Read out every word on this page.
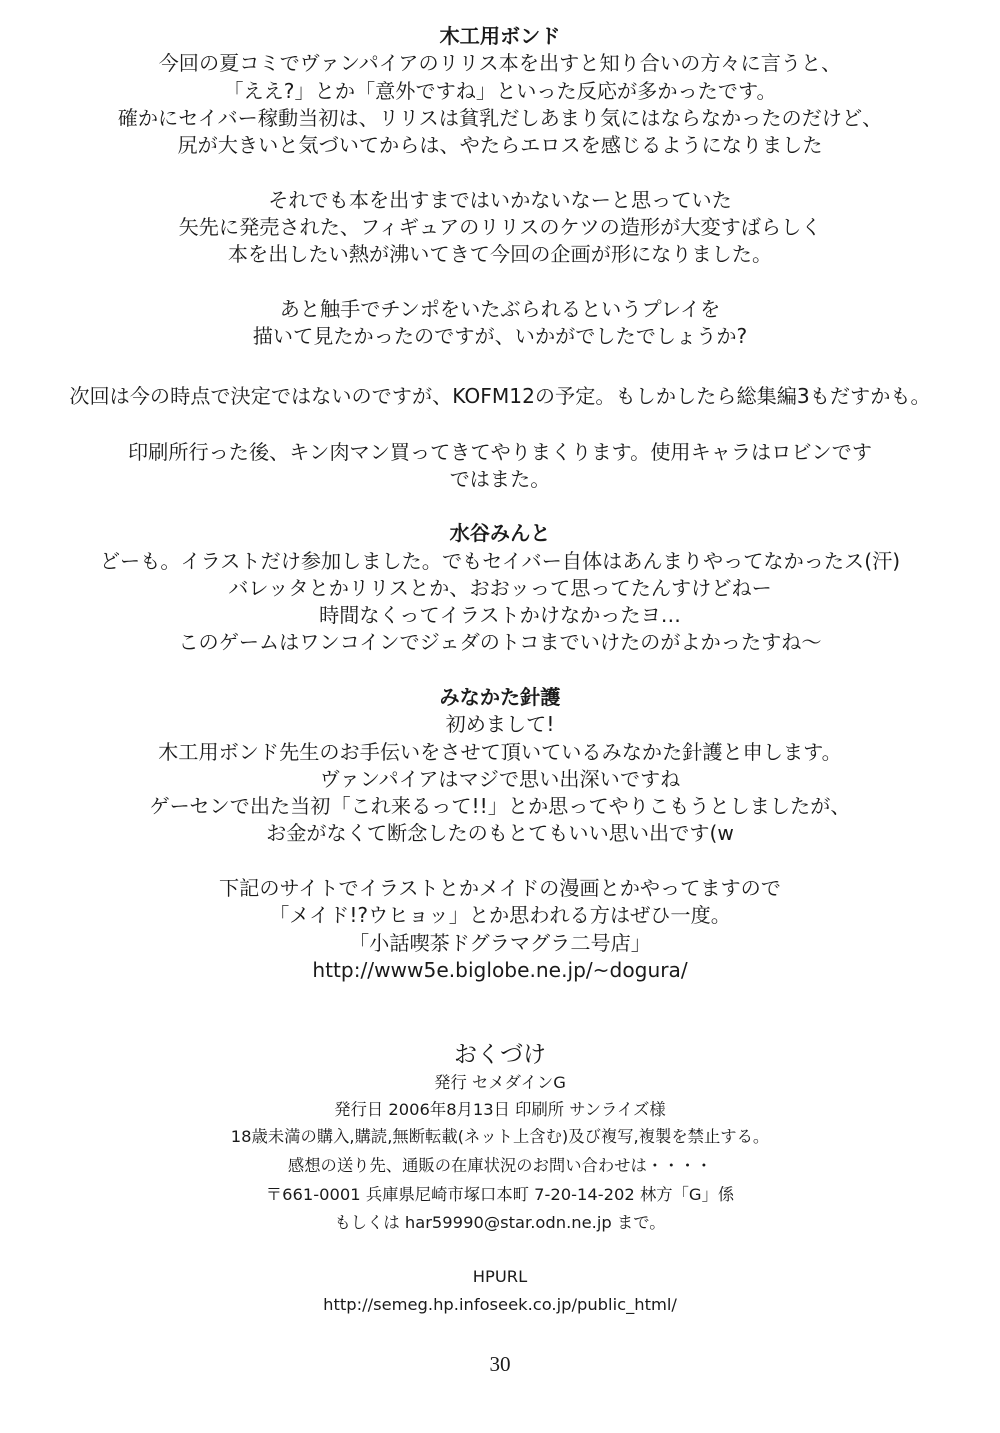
木工用ボンド
今回の夏コミでヴァンパイアのリリス本を出すと知り合いの方々に言うと、
「ええ?」とか「意外ですね」といった反応が多かったです。
確かにセイバー稼動当初は、リリスは貧乳だしあまり気にはならなかったのだけど、
尻が大きいと気づいてからは、やたらエロスを感じるようになりました
それでも本を出すまではいかないなーと思っていた
矢先に発売された、フィギュアのリリスのケツの造形が大変すばらしく
本を出したい熱が沸いてきて今回の企画が形になりました。
あと触手でチンポをいたぶられるというプレイを
描いて見たかったのですが、いかがでしたでしょうか?
次回は今の時点で決定ではないのですが、KOFM12の予定。もしかしたら総集編3もだすかも。
印刷所行った後、キン肉マン買ってきてやりまくります。使用キャラはロビンです
ではまた。
水谷みんと
どーも。イラストだけ参加しました。でもセイバー自体はあんまりやってなかったス(汗)
バレッタとかリリスとか、おおッって思ってたんすけどねー
時間なくってイラストかけなかったヨ…
このゲームはワンコインでジェダのトコまでいけたのがよかったすね〜
みなかた針護
初めまして!
木工用ボンド先生のお手伝いをさせて頂いているみなかた針護と申します。
ヴァンパイアはマジで思い出深いですね
ゲーセンで出た当初「これ来るって!!」とか思ってやりこもうとしましたが、
お金がなくて断念したのもとてもいい思い出です(w
下記のサイトでイラストとかメイドの漫画とかやってますので
「メイド!?ウヒョッ」とか思われる方はぜひ一度。
「小話喫茶ドグラマグラ二号店」
http://www5e.biglobe.ne.jp/~dogura/
おくづけ
発行 セメダインG
発行日 2006年8月13日 印刷所 サンライズ様
18歳未満の購入,購読,無断転載(ネット上含む)及び複写,複製を禁止する。
感想の送り先、通販の在庫状況のお問い合わせは・・・・
〒661-0001 兵庫県尼崎市塚口本町 7-20-14-202 林方「G」係
もしくは har59990@star.odn.ne.jp まで。
HPURL
http://semeg.hp.infoseek.co.jp/public_html/
30
